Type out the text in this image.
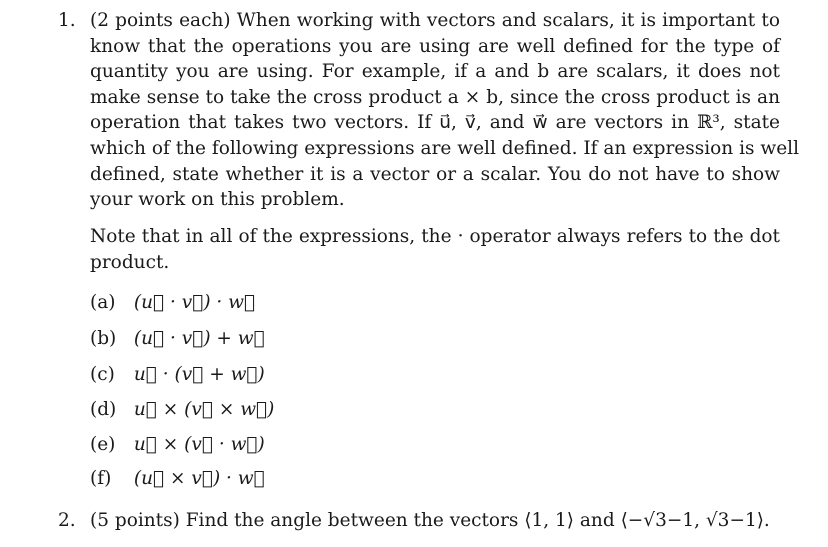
1. (2 points each) When working with vectors and scalars, it is important to
know that the operations you are using are well defined for the type of
quantity you are using. For example, if a and b are scalars, it does not
make sense to take the cross product a × b, since the cross product is an
operation that takes two vectors. If u⃗, v⃗, and w⃗ are vectors in ℝ³, state
which of the following expressions are well defined. If an expression is well
defined, state whether it is a vector or a scalar. You do not have to show
your work on this problem.
Note that in all of the expressions, the · operator always refers to the dot
product.
(a) (u⃗ · v⃗) · w⃗
(b) (u⃗ · v⃗) + w⃗
(c) u⃗ · (v⃗ + w⃗)
(d) u⃗ × (v⃗ × w⃗)
(e) u⃗ × (v⃗ · w⃗)
(f) (u⃗ × v⃗) · w⃗
2. (5 points) Find the angle between the vectors ⟨1, 1⟩ and ⟨−√3−1, √3−1⟩.
